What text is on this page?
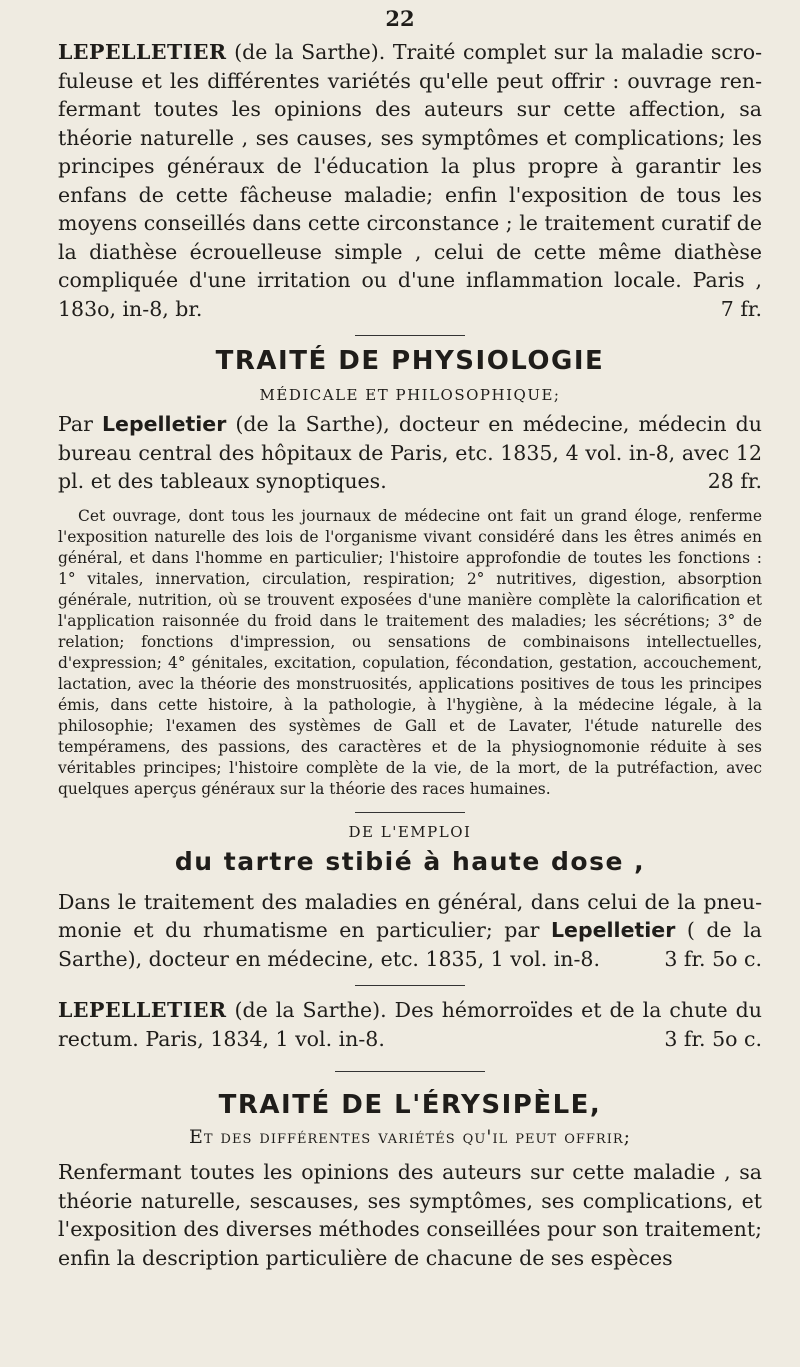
22

LEPELLETIER (de la Sarthe). Traité complet sur la maladie scrofuleuse et les différentes variétés qu'elle peut offrir : ouvrage renfermant toutes les opinions des auteurs sur cette affection, sa théorie naturelle , ses causes, ses symptômes et complications; les principes généraux de l'éducation la plus propre à garantir les enfans de cette fâcheuse maladie; enfin l'exposition de tous les moyens conseillés dans cette circonstance ; le traitement curatif de la diathèse écrouelleuse simple , celui de cette même diathèse compliquée d'une irritation ou d'une inflammation locale. Paris , 183o, in-8, br.	7 fr.

TRAITÉ DE PHYSIOLOGIE
MÉDICALE ET PHILOSOPHIQUE;

Par Lepelletier (de la Sarthe), docteur en médecine, médecin du bureau central des hôpitaux de Paris, etc. 1835, 4 vol. in-8, avec 12 pl. et des tableaux synoptiques.	28 fr.

Cet ouvrage, dont tous les journaux de médecine ont fait un grand éloge, renferme l'exposition naturelle des lois de l'organisme vivant considéré dans les êtres animés en général, et dans l'homme en particulier; l'histoire approfondie de toutes les fonctions : 1° vitales, innervation, circulation, respiration; 2° nutritives, digestion, absorption générale, nutrition, où se trouvent exposées d'une manière complète la calorification et l'application raisonnée du froid dans le traitement des maladies; les sécrétions; 3° de relation; fonctions d'impression, ou sensations de combinaisons intellectuelles, d'expression; 4° génitales, excitation, copulation, fécondation, gestation, accouchement, lactation, avec la théorie des monstruosités, applications positives de tous les principes émis, dans cette histoire, à la pathologie, à l'hygiène, à la médecine légale, à la philosophie; l'examen des systèmes de Gall et de Lavater, l'étude naturelle des tempéramens, des passions, des caractères et de la physiognomonie réduite à ses véritables principes; l'histoire complète de la vie, de la mort, de la putréfaction, avec quelques aperçus généraux sur la théorie des races humaines.

DE L'EMPLOI
du tartre stibié à haute dose ,

Dans le traitement des maladies en général, dans celui de la pneumonie et du rhumatisme en particulier; par Lepelletier ( de la Sarthe), docteur en médecine, etc. 1835, 1 vol. in-8.	3 fr. 5o c.

LEPELLETIER (de la Sarthe). Des hémorroïdes et de la chute du rectum. Paris, 1834, 1 vol. in-8.	3 fr. 5o c.

TRAITÉ DE L'ÉRYSIPÈLE,
Et des différentes variétés qu'il peut offrir;

Renfermant toutes les opinions des auteurs sur cette maladie , sa théorie naturelle, sescauses, ses symptômes, ses complications, et l'exposition des diverses méthodes conseillées pour son traitement; enfin la description particulière de chacune de ses espèces
